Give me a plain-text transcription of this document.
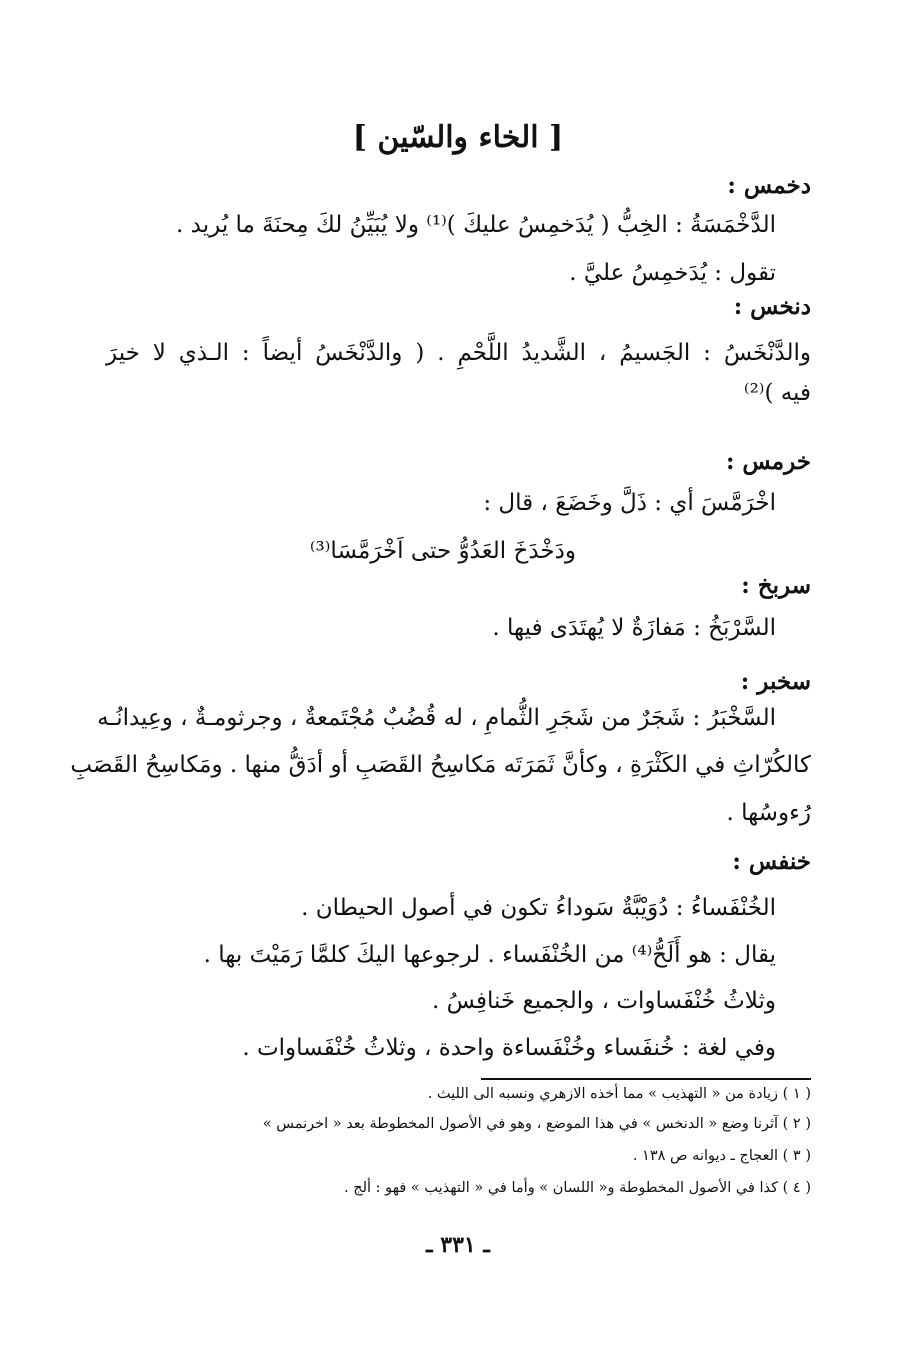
[ الخاء والسّين ]
دخمس :
الدَّخْمَسَةُ : الخِبُّ ( يُدَخمِسُ عليكَ )⁽¹⁾ ولا يُبَيِّنُ لكَ مِحنَةَ ما يُريد .
تقول : يُدَخمِسُ عليَّ .
دنخس :
والدَّنْخَسُ : الجَسيمُ ، الشَّديدُ اللَّحْمِ . ( والدَّنْخَسُ أيضاً : الـذي لا خيرَ
فيه )⁽²⁾
خرمس :
اخْرَمَّسَ أي : ذَلَّ وخَضَعَ ، قال :
ودَخْدَخَ العَدُوُّ حتى اَخْرَمَّسَا⁽³⁾
سربخ :
السَّرْبَخُ : مَفازَةٌ لا يُهتَدَى فيها .
سخبر :
السَّخْبَرُ : شَجَرٌ من شَجَرِ الثُّمامِ ، له قُضُبٌ مُجْتَمعةٌ ، وجرثومـةٌ ، وعِيدانُـه
كالكُرّاثِ في الكَثْرَةِ ، وكأنَّ ثَمَرَتَه مَكاسِحُ القَصَبِ أو أدَقُّ منها . ومَكاسِحُ القَصَبِ
رُءوسُها .
خنفس :
الخُنْفَساءُ : دُوَيْبَّةٌ سَوداءُ تكون في أصول الحيطان .
يقال : هو أَلَحُّ⁽⁴⁾ من الخُنْفَساء . لرجوعها اليكَ كلمَّا رَمَيْتَ بها .
وثلاثُ خُنْفَساوات ، والجميع خَنافِسُ .
وفي لغة : خُنفَساء وخُنْفَساءة واحدة ، وثلاثُ خُنْفَساوات .
( ١ ) زيادة من « التهذيب » مما أخذه الازهري ونسبه الى الليث .
( ٢ ) آثرنا وضع « الدنخس » في هذا الموضع ، وهو في الأصول المخطوطة بعد « اخرنمس »
( ٣ ) العجاج ـ ديوانه ص ١٣٨ .
( ٤ ) كذا في الأصول المخطوطة و« اللسان » وأما في « التهذيب » فهو : ألج .
ـ ٣٣١ ـ
